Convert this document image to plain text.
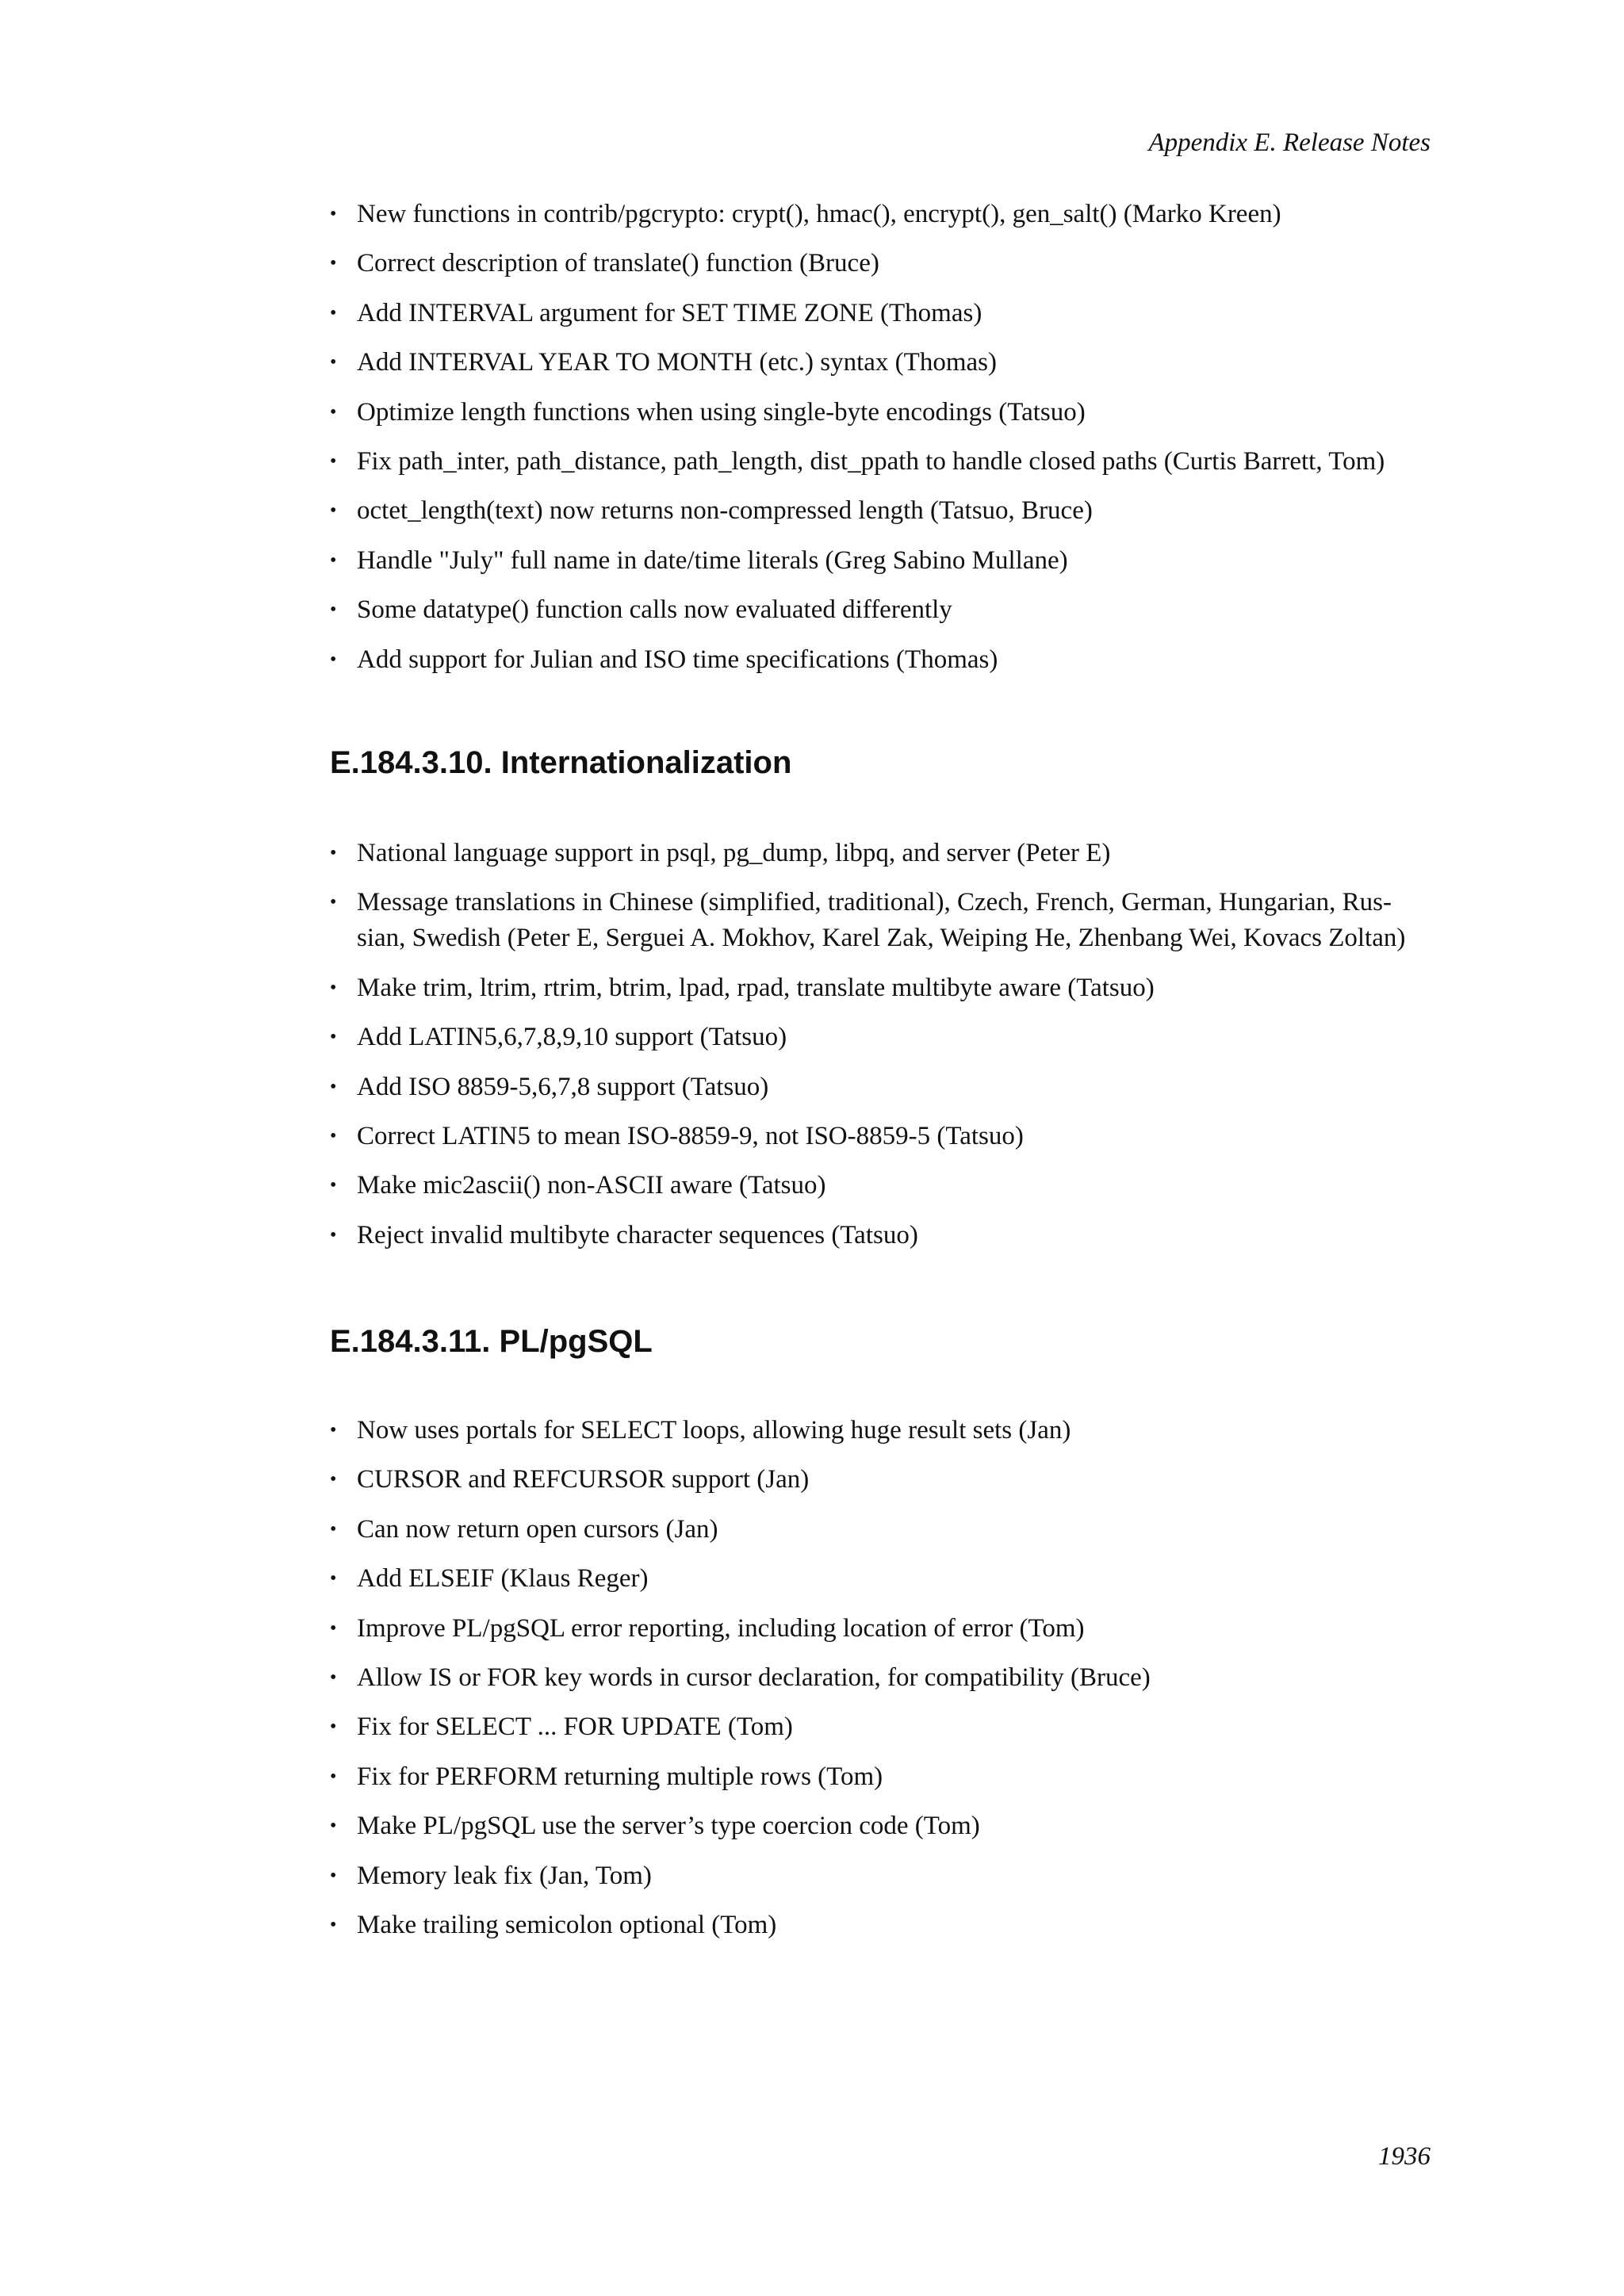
Appendix E. Release Notes
• New functions in contrib/pgcrypto: crypt(), hmac(), encrypt(), gen_salt() (Marko Kreen)
• Correct description of translate() function (Bruce)
• Add INTERVAL argument for SET TIME ZONE (Thomas)
• Add INTERVAL YEAR TO MONTH (etc.) syntax (Thomas)
• Optimize length functions when using single-byte encodings (Tatsuo)
• Fix path_inter, path_distance, path_length, dist_ppath to handle closed paths (Curtis Barrett, Tom)
• octet_length(text) now returns non-compressed length (Tatsuo, Bruce)
• Handle "July" full name in date/time literals (Greg Sabino Mullane)
• Some datatype() function calls now evaluated differently
• Add support for Julian and ISO time specifications (Thomas)
E.184.3.10. Internationalization
• National language support in psql, pg_dump, libpq, and server (Peter E)
• Message translations in Chinese (simplified, traditional), Czech, French, German, Hungarian, Rus-
sian, Swedish (Peter E, Serguei A. Mokhov, Karel Zak, Weiping He, Zhenbang Wei, Kovacs Zoltan)
• Make trim, ltrim, rtrim, btrim, lpad, rpad, translate multibyte aware (Tatsuo)
• Add LATIN5,6,7,8,9,10 support (Tatsuo)
• Add ISO 8859-5,6,7,8 support (Tatsuo)
• Correct LATIN5 to mean ISO-8859-9, not ISO-8859-5 (Tatsuo)
• Make mic2ascii() non-ASCII aware (Tatsuo)
• Reject invalid multibyte character sequences (Tatsuo)
E.184.3.11. PL/pgSQL
• Now uses portals for SELECT loops, allowing huge result sets (Jan)
• CURSOR and REFCURSOR support (Jan)
• Can now return open cursors (Jan)
• Add ELSEIF (Klaus Reger)
• Improve PL/pgSQL error reporting, including location of error (Tom)
• Allow IS or FOR key words in cursor declaration, for compatibility (Bruce)
• Fix for SELECT ... FOR UPDATE (Tom)
• Fix for PERFORM returning multiple rows (Tom)
• Make PL/pgSQL use the server’s type coercion code (Tom)
• Memory leak fix (Jan, Tom)
• Make trailing semicolon optional (Tom)
1936
